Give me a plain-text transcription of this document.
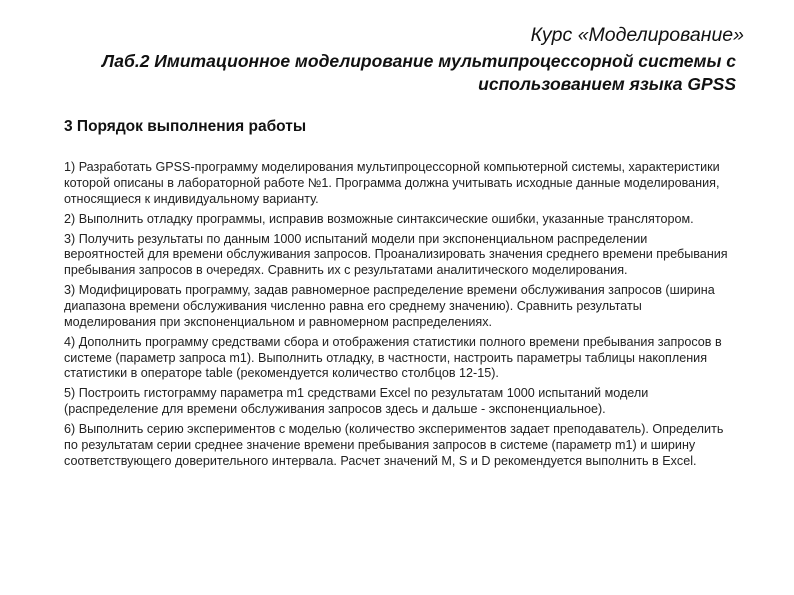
Курс «Моделирование»
Лаб.2 Имитационное моделирование мультипроцессорной системы с использованием языка GPSS
3 Порядок выполнения работы
1) Разработать GPSS-программу моделирования мультипроцессорной компьютерной системы, характеристики которой описаны в лабораторной работе №1. Программа должна учитывать исходные данные моделирования, относящиеся к индивидуальному варианту.
2) Выполнить отладку программы, исправив возможные синтаксические ошибки, указанные транслятором.
3) Получить результаты по данным 1000 испытаний модели при экспоненциальном распределении вероятностей для времени обслуживания запросов. Проанализировать значения среднего времени пребывания пребывания запросов в очередях. Сравнить их с результатами аналитического моделирования.
3) Модифицировать программу, задав равномерное распределение времени обслуживания запросов (ширина диапазона времени обслуживания численно равна его среднему значению). Сравнить результаты моделирования при экспоненциальном и равномерном распределениях.
4) Дополнить программу средствами сбора и отображения статистики полного времени пребывания запросов в системе (параметр запроса m1). Выполнить отладку, в частности, настроить параметры таблицы накопления статистики в операторе table (рекомендуется количество столбцов 12-15).
5) Построить гистограмму параметра m1 средствами Excel по результатам 1000 испытаний модели (распределение для времени обслуживания запросов здесь и дальше - экспоненциальное).
6) Выполнить серию экспериментов с моделью (количество экспериментов задает преподаватель). Определить по результатам серии среднее значение времени пребывания запросов в системе (параметр m1) и ширину соответствующего доверительного интервала. Расчет значений M, S и D рекомендуется выполнить в Excel.
